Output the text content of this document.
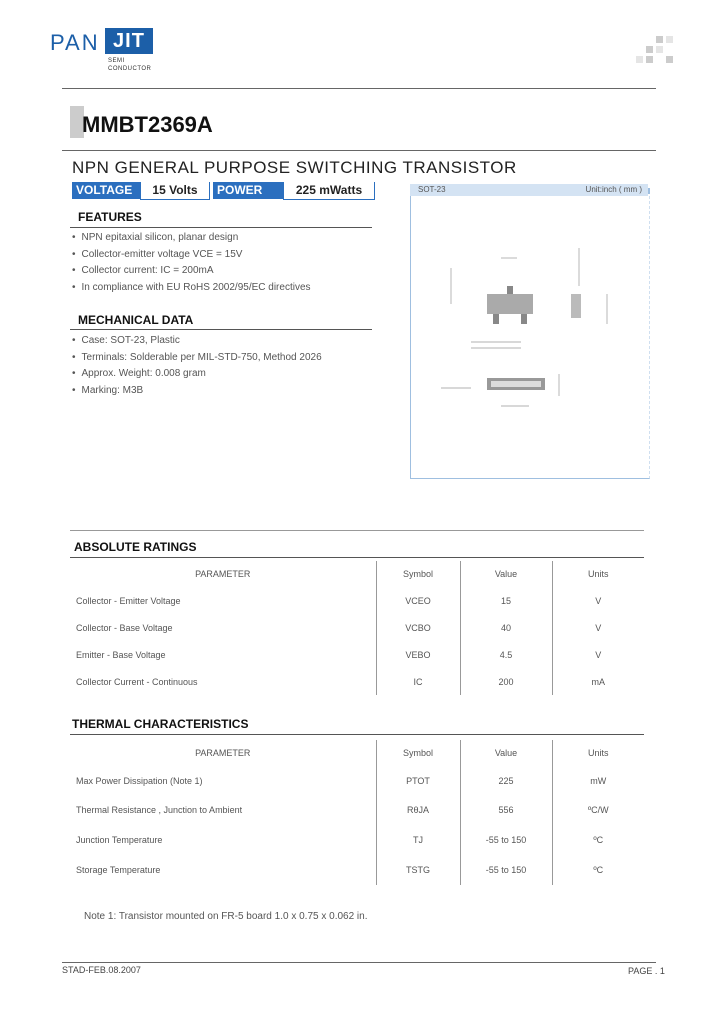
PAN JIT
SEMI
CONDUCTOR
MMBT2369A
NPN GENERAL PURPOSE SWITCHING TRANSISTOR
VOLTAGE	15 Volts	POWER	225 mWatts
FEATURES
• NPN epitaxial silicon, planar design
• Collector-emitter voltage VCE = 15V
• Collector current: IC = 200mA
• In compliance with EU RoHS 2002/95/EC directives
MECHANICAL DATA
• Case: SOT-23, Plastic
• Terminals: Solderable per MIL-STD-750, Method 2026
• Approx. Weight: 0.008 gram
• Marking: M3B
SOT-23	Unit:inch ( mm )
ABSOLUTE RATINGS
PARAMETER	Symbol	Value	Units
Collector - Emitter Voltage	VCEO	15	V
Collector - Base Voltage	VCBO	40	V
Emitter - Base Voltage	VEBO	4.5	V
Collector Current - Continuous	IC	200	mA
THERMAL CHARACTERISTICS
PARAMETER	Symbol	Value	Units
Max Power Dissipation (Note 1)	PTOT	225	mW
Thermal Resistance , Junction to Ambient	RθJA	556	ºC/W
Junction Temperature	TJ	-55 to 150	ºC
Storage Temperature	TSTG	-55 to 150	ºC
Note 1: Transistor mounted on FR-5 board 1.0 x 0.75 x 0.062 in.
STAD-FEB.08.2007	PAGE . 1
